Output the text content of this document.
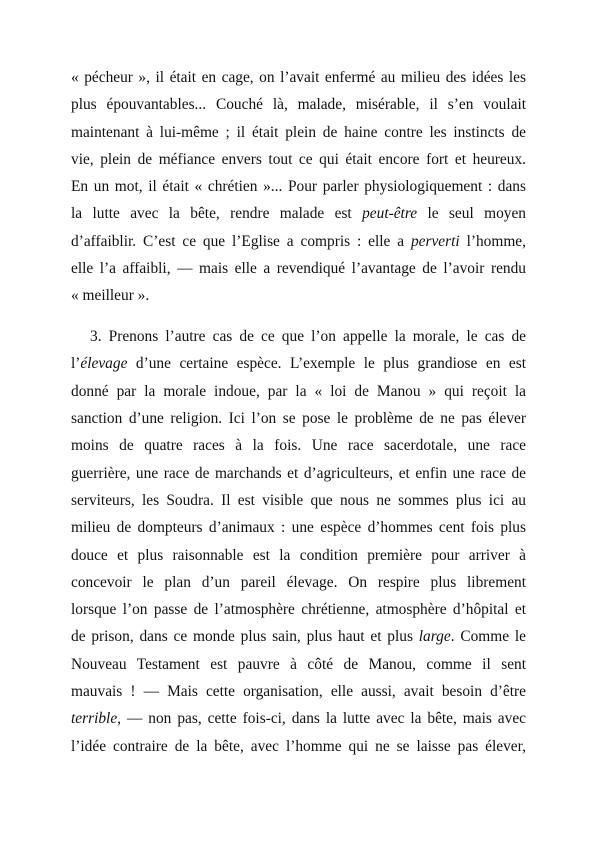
« pécheur », il était en cage, on l’avait enfermé au milieu des idées les
plus épouvantables... Couché là, malade, misérable, il s’en voulait
maintenant à lui-même ; il était plein de haine contre les instincts de
vie, plein de méfiance envers tout ce qui était encore fort et heureux.
En un mot, il était « chrétien »... Pour parler physiologiquement : dans
la lutte avec la bête, rendre malade est peut-être le seul moyen
d’affaiblir. C’est ce que l’Eglise a compris : elle a perverti l’homme,
elle l’a affaibli, — mais elle a revendiqué l’avantage de l’avoir rendu
« meilleur ».
3. Prenons l’autre cas de ce que l’on appelle la morale, le cas de
l’élevage d’une certaine espèce. L’exemple le plus grandiose en est
donné par la morale indoue, par la « loi de Manou » qui reçoit la
sanction d’une religion. Ici l’on se pose le problème de ne pas élever
moins de quatre races à la fois. Une race sacerdotale, une race
guerrière, une race de marchands et d’agriculteurs, et enfin une race de
serviteurs, les Soudra. Il est visible que nous ne sommes plus ici au
milieu de dompteurs d’animaux : une espèce d’hommes cent fois plus
douce et plus raisonnable est la condition première pour arriver à
concevoir le plan d’un pareil élevage. On respire plus librement
lorsque l’on passe de l’atmosphère chrétienne, atmosphère d’hôpital et
de prison, dans ce monde plus sain, plus haut et plus large. Comme le
Nouveau Testament est pauvre à côté de Manou, comme il sent
mauvais ! — Mais cette organisation, elle aussi, avait besoin d’être
terrible, — non pas, cette fois-ci, dans la lutte avec la bête, mais avec
l’idée contraire de la bête, avec l’homme qui ne se laisse pas élever,
